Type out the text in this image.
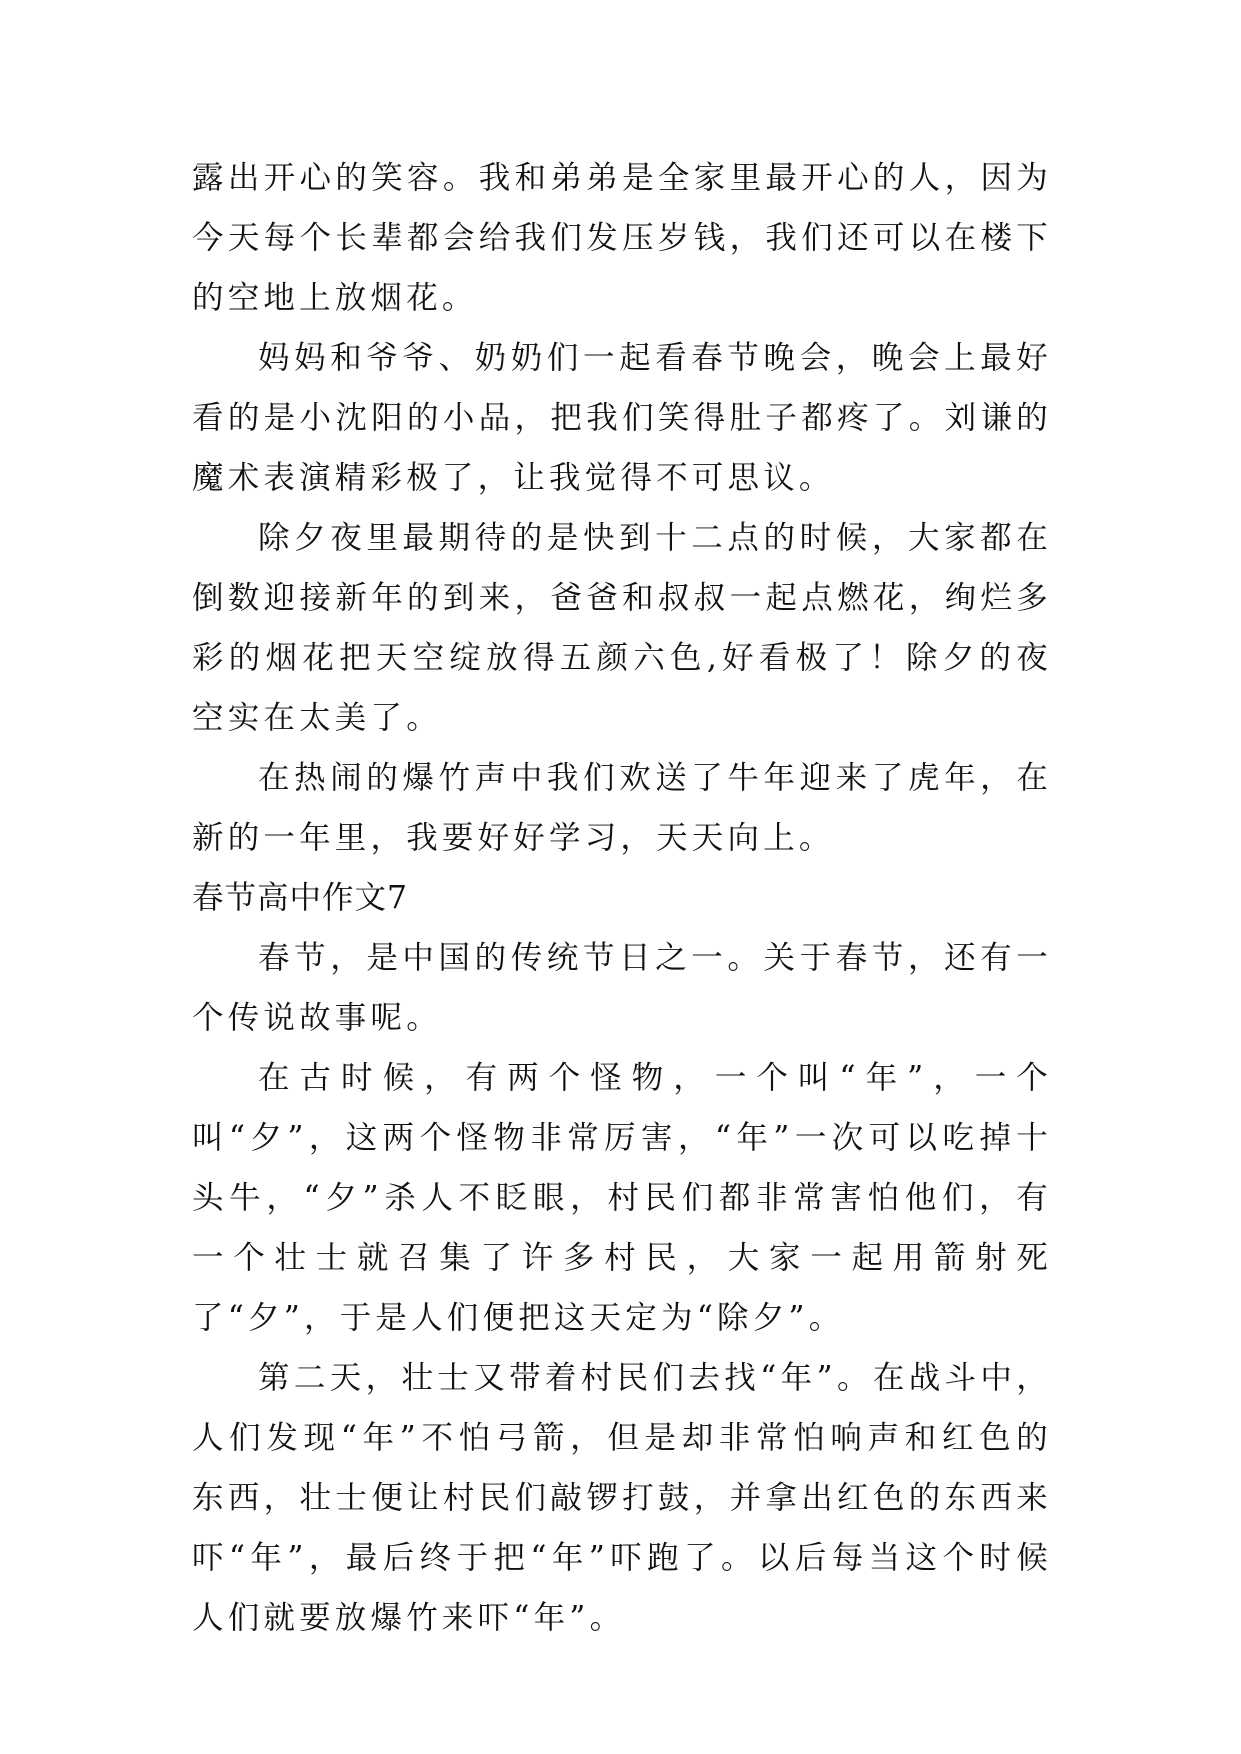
露出开心的笑容。我和弟弟是全家里最开心的人，因为今天每个长辈都会给我们发压岁钱，我们还可以在楼下的空地上放烟花。

妈妈和爷爷、奶奶们一起看春节晚会，晚会上最好看的是小沈阳的小品，把我们笑得肚子都疼了。刘谦的魔术表演精彩极了，让我觉得不可思议。

除夕夜里最期待的是快到十二点的时候，大家都在倒数迎接新年的到来，爸爸和叔叔一起点燃花，绚烂多彩的烟花把天空绽放得五颜六色,好看极了！除夕的夜空实在太美了。

在热闹的爆竹声中我们欢送了牛年迎来了虎年，在新的一年里，我要好好学习，天天向上。

春节高中作文7

春节，是中国的传统节日之一。关于春节，还有一个传说故事呢。

在古时候，有两个怪物，一个叫“年”，一个叫“夕”，这两个怪物非常厉害，“年”一次可以吃掉十头牛，“夕”杀人不眨眼，村民们都非常害怕他们，有一个壮士就召集了许多村民，大家一起用箭射死了“夕”，于是人们便把这天定为“除夕”。

第二天，壮士又带着村民们去找“年”。在战斗中，人们发现“年”不怕弓箭，但是却非常怕响声和红色的东西，壮士便让村民们敲锣打鼓，并拿出红色的东西来吓“年”，最后终于把“年”吓跑了。以后每当这个时候人们就要放爆竹来吓“年”。
